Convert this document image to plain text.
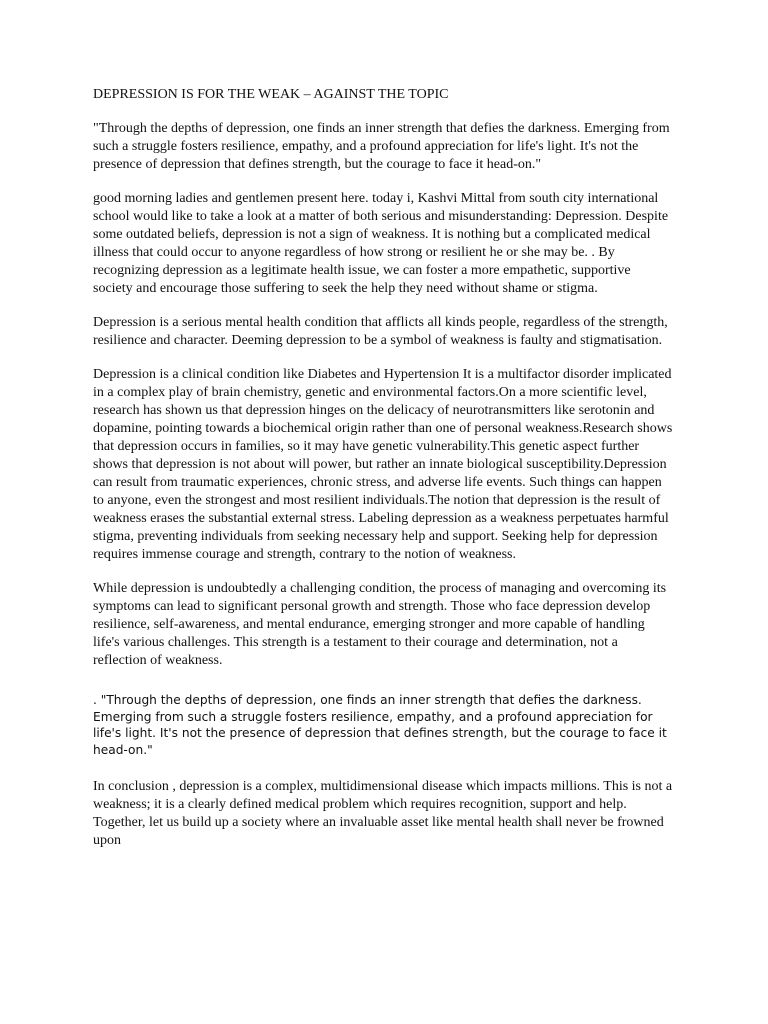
DEPRESSION IS FOR THE WEAK – AGAINST THE TOPIC

"Through the depths of depression, one finds an inner strength that defies the darkness. Emerging from such a struggle fosters resilience, empathy, and a profound appreciation for life's light. It's not the presence of depression that defines strength, but the courage to face it head-on."

good morning ladies and gentlemen present here. today i, Kashvi Mittal from south city international school would like to take a look at a matter of both serious and misunderstanding: Depression. Despite some outdated beliefs, depression is not a sign of weakness. It is nothing but a complicated medical illness that could occur to anyone regardless of how strong or resilient he or she may be. . By recognizing depression as a legitimate health issue, we can foster a more empathetic, supportive society and encourage those suffering to seek the help they need without shame or stigma.

Depression is a serious mental health condition that afflicts all kinds people, regardless of the strength, resilience and character. Deeming depression to be a symbol of weakness is faulty and stigmatisation.

Depression is a clinical condition like Diabetes and Hypertension It is a multifactor disorder implicated in a complex play of brain chemistry, genetic and environmental factors.On a more scientific level, research has shown us that depression hinges on the delicacy of neurotransmitters like serotonin and dopamine, pointing towards a biochemical origin rather than one of personal weakness.Research shows that depression occurs in families, so it may have genetic vulnerability.This genetic aspect further shows that depression is not about will power, but rather an innate biological susceptibility.Depression can result from traumatic experiences, chronic stress, and adverse life events. Such things can happen to anyone, even the strongest and most resilient individuals.The notion that depression is the result of weakness erases the substantial external stress. Labeling depression as a weakness perpetuates harmful stigma, preventing individuals from seeking necessary help and support. Seeking help for depression requires immense courage and strength, contrary to the notion of weakness.

While depression is undoubtedly a challenging condition, the process of managing and overcoming its symptoms can lead to significant personal growth and strength. Those who face depression develop resilience, self-awareness, and mental endurance, emerging stronger and more capable of handling life's various challenges. This strength is a testament to their courage and determination, not a reflection of weakness.

. "Through the depths of depression, one finds an inner strength that defies the darkness. Emerging from such a struggle fosters resilience, empathy, and a profound appreciation for life's light. It's not the presence of depression that defines strength, but the courage to face it head-on."

In conclusion , depression is a complex, multidimensional disease which impacts millions. This is not a weakness; it is a clearly defined medical problem which requires recognition, support and help. Together, let us build up a society where an invaluable asset like mental health shall never be frowned upon
